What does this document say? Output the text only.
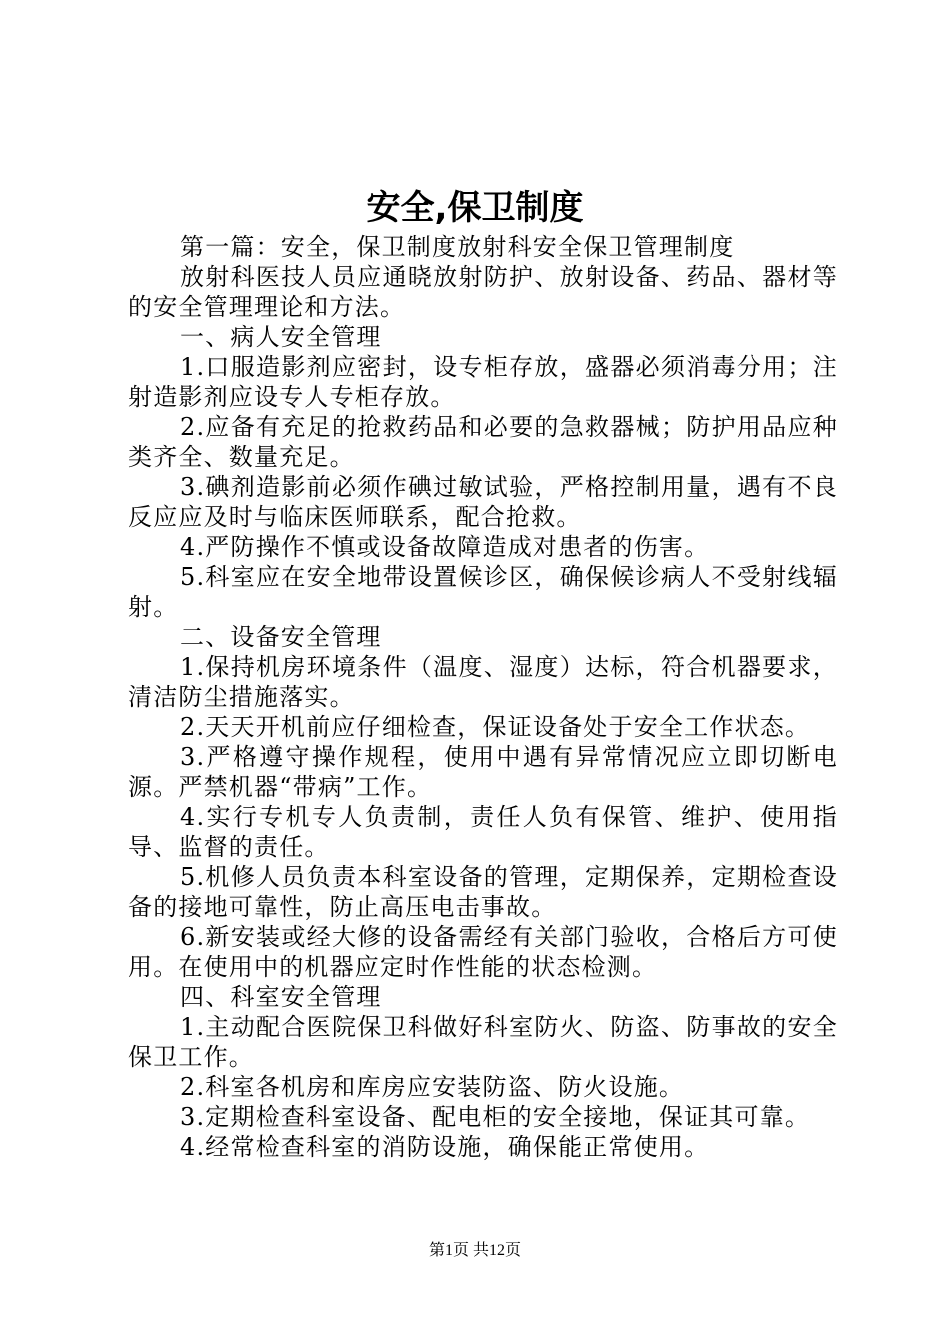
安全,保卫制度

第一篇：安全，保卫制度放射科安全保卫管理制度

放射科医技人员应通晓放射防护、放射设备、药品、器材等的安全管理理论和方法。

一、病人安全管理

1.口服造影剂应密封，设专柜存放，盛器必须消毒分用；注射造影剂应设专人专柜存放。

2.应备有充足的抢救药品和必要的急救器械；防护用品应种类齐全、数量充足。

3.碘剂造影前必须作碘过敏试验，严格控制用量，遇有不良反应应及时与临床医师联系，配合抢救。

4.严防操作不慎或设备故障造成对患者的伤害。

5.科室应在安全地带设置候诊区，确保候诊病人不受射线辐射。

二、设备安全管理

1.保持机房环境条件（温度、湿度）达标，符合机器要求，清洁防尘措施落实。

2.天天开机前应仔细检查，保证设备处于安全工作状态。

3.严格遵守操作规程，使用中遇有异常情况应立即切断电源。严禁机器“带病”工作。

4.实行专机专人负责制，责任人负有保管、维护、使用指导、监督的责任。

5.机修人员负责本科室设备的管理，定期保养，定期检查设备的接地可靠性，防止高压电击事故。

6.新安装或经大修的设备需经有关部门验收，合格后方可使用。在使用中的机器应定时作性能的状态检测。

四、科室安全管理

1.主动配合医院保卫科做好科室防火、防盗、防事故的安全保卫工作。

2.科室各机房和库房应安装防盗、防火设施。

3.定期检查科室设备、配电柜的安全接地，保证其可靠。

4.经常检查科室的消防设施，确保能正常使用。

第1页 共12页
